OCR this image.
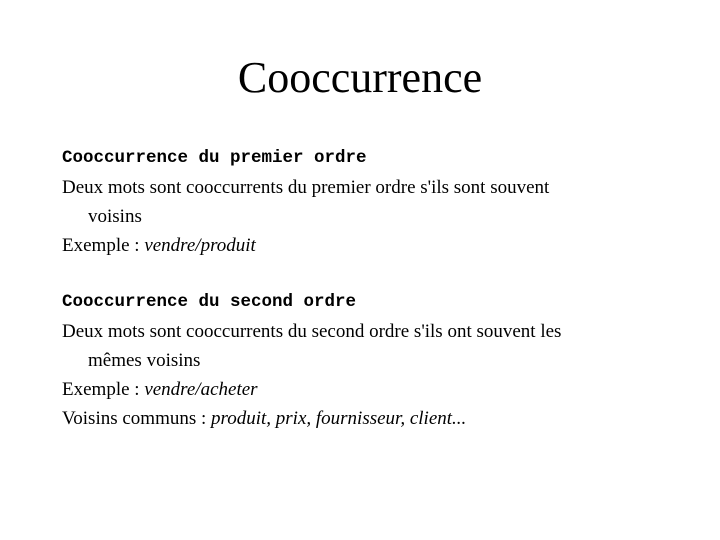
Cooccurrence

Cooccurrence du premier ordre

Deux mots sont cooccurrents du premier ordre s'ils sont souvent

voisins

Exemple : vendre/produit

Cooccurrence du second ordre

Deux mots sont cooccurrents du second ordre s'ils ont souvent les

mêmes voisins

Exemple : vendre/acheter

Voisins communs : produit, prix, fournisseur, client...
